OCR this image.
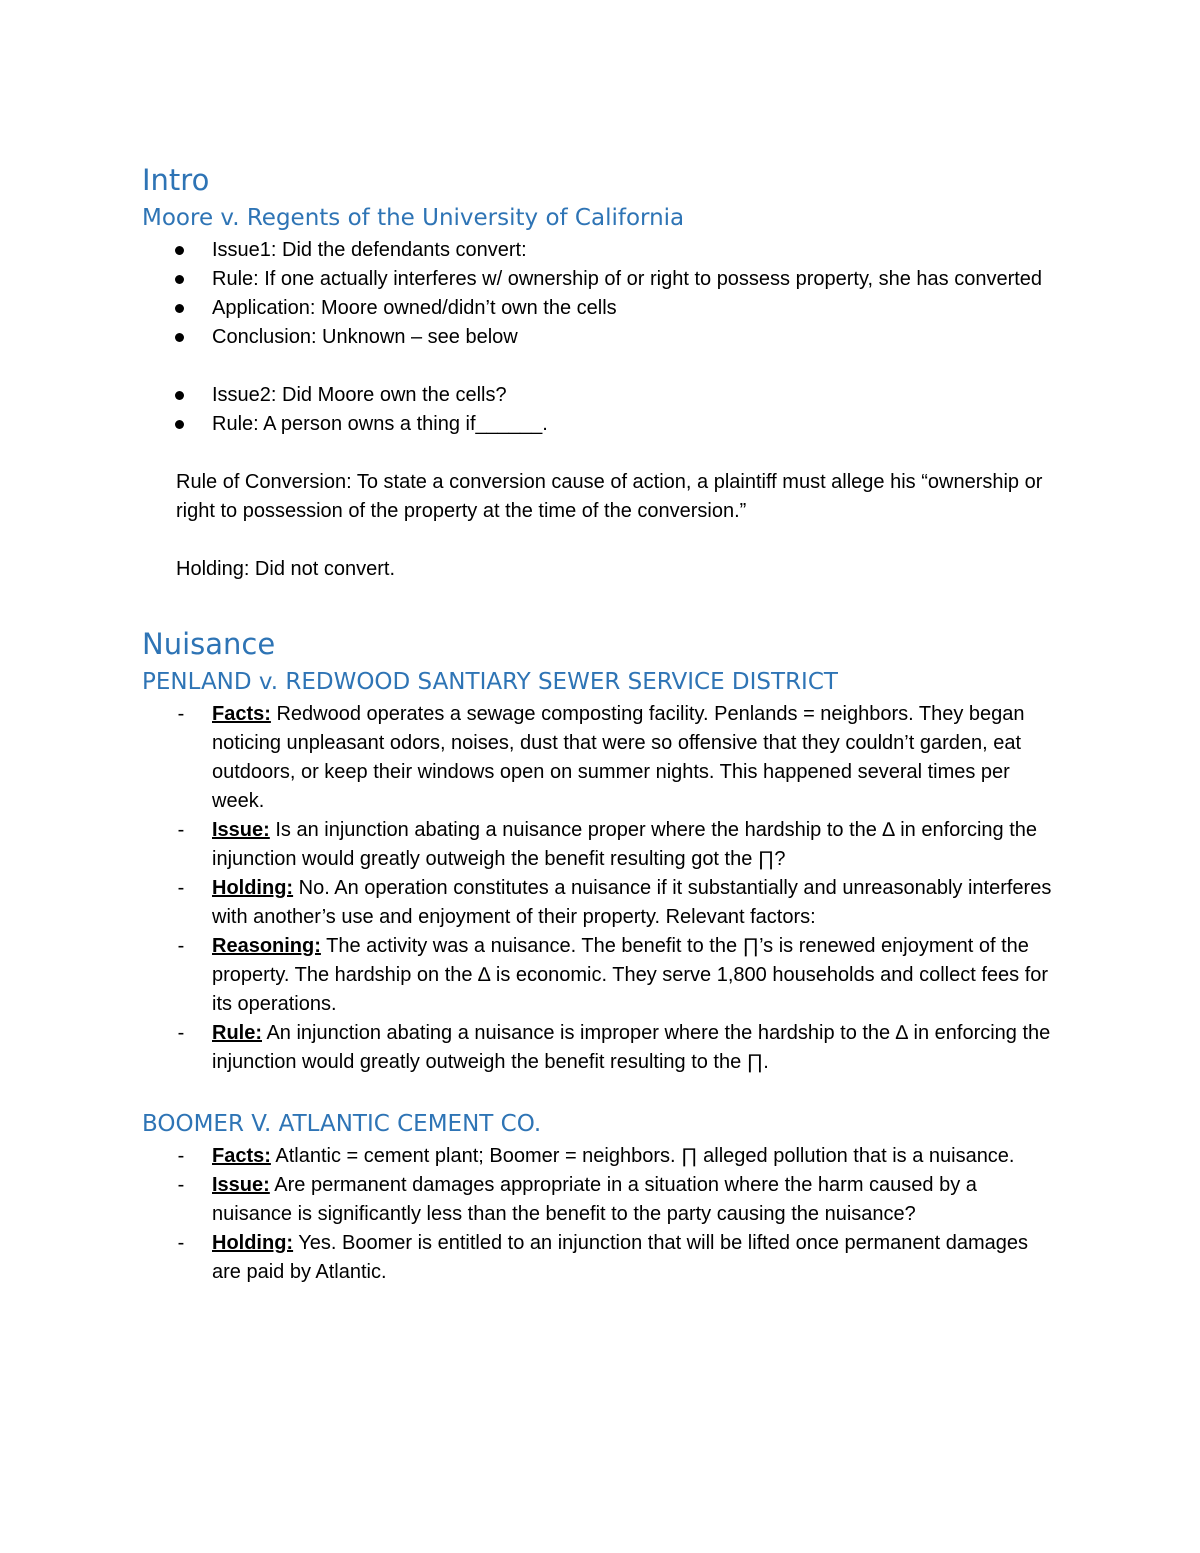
Intro
Moore v. Regents of the University of California
Issue1: Did the defendants convert:
Rule: If one actually interferes w/ ownership of or right to possess property, she has converted
Application: Moore owned/didn’t own the cells
Conclusion: Unknown – see below
Issue2: Did Moore own the cells?
Rule: A person owns a thing if______.

Rule of Conversion: To state a conversion cause of action, a plaintiff must allege his “ownership or right to possession of the property at the time of the conversion.”

Holding: Did not convert.

Nuisance
PENLAND v. REDWOOD SANTIARY SEWER SERVICE DISTRICT
- Facts: Redwood operates a sewage composting facility. Penlands = neighbors. They began noticing unpleasant odors, noises, dust that were so offensive that they couldn’t garden, eat outdoors, or keep their windows open on summer nights. This happened several times per week.
- Issue: Is an injunction abating a nuisance proper where the hardship to the ∆ in enforcing the injunction would greatly outweigh the benefit resulting got the ∏?
- Holding: No. An operation constitutes a nuisance if it substantially and unreasonably interferes with another’s use and enjoyment of their property. Relevant factors:
- Reasoning: The activity was a nuisance. The benefit to the ∏’s is renewed enjoyment of the property. The hardship on the ∆ is economic. They serve 1,800 households and collect fees for its operations.
- Rule: An injunction abating a nuisance is improper where the hardship to the ∆ in enforcing the injunction would greatly outweigh the benefit resulting to the ∏.
BOOMER V. ATLANTIC CEMENT CO.
- Facts: Atlantic = cement plant; Boomer = neighbors. ∏ alleged pollution that is a nuisance.
- Issue: Are permanent damages appropriate in a situation where the harm caused by a nuisance is significantly less than the benefit to the party causing the nuisance?
- Holding: Yes. Boomer is entitled to an injunction that will be lifted once permanent damages are paid by Atlantic.
